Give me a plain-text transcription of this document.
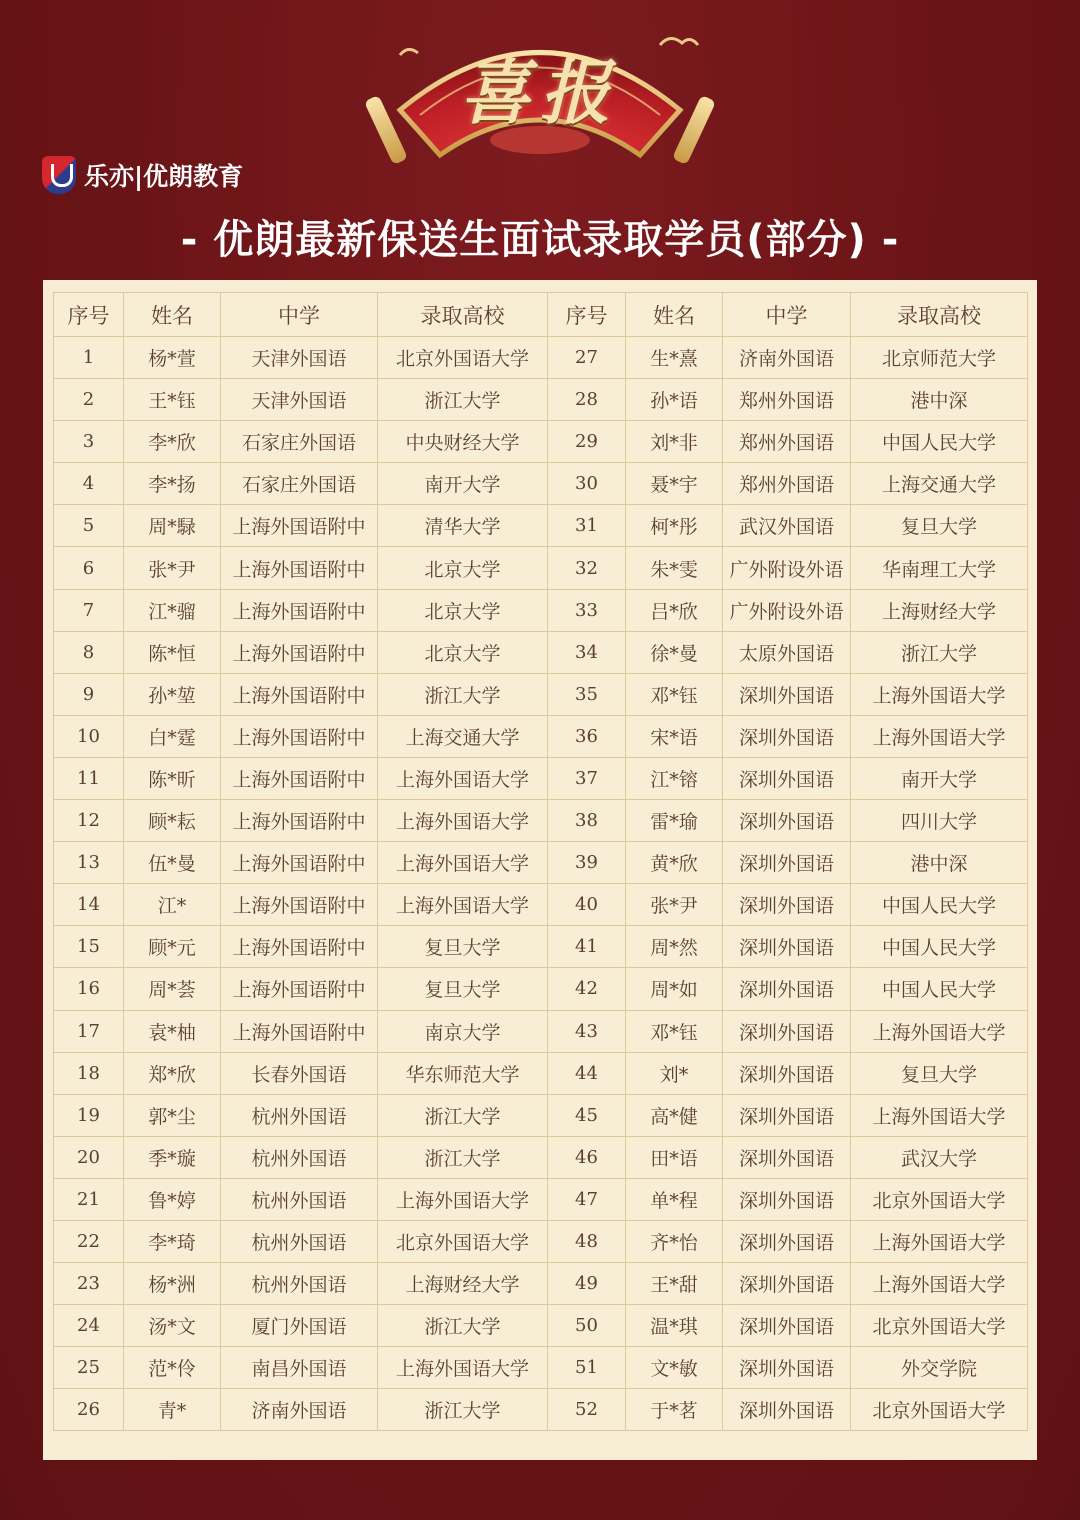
喜报
乐亦|优朗教育
- 优朗最新保送生面试录取学员(部分) -
序号	姓名	中学	录取高校	序号	姓名	中学	录取高校
1	杨*萱	天津外国语	北京外国语大学	27	生*熹	济南外国语	北京师范大学
2	王*钰	天津外国语	浙江大学	28	孙*语	郑州外国语	港中深
3	李*欣	石家庄外国语	中央财经大学	29	刘*非	郑州外国语	中国人民大学
4	李*扬	石家庄外国语	南开大学	30	聂*宇	郑州外国语	上海交通大学
5	周*騄	上海外国语附中	清华大学	31	柯*彤	武汉外国语	复旦大学
6	张*尹	上海外国语附中	北京大学	32	朱*雯	广外附设外语	华南理工大学
7	江*骝	上海外国语附中	北京大学	33	吕*欣	广外附设外语	上海财经大学
8	陈*恒	上海外国语附中	北京大学	34	徐*曼	太原外国语	浙江大学
9	孙*堃	上海外国语附中	浙江大学	35	邓*钰	深圳外国语	上海外国语大学
10	白*霆	上海外国语附中	上海交通大学	36	宋*语	深圳外国语	上海外国语大学
11	陈*昕	上海外国语附中	上海外国语大学	37	江*镕	深圳外国语	南开大学
12	顾*耘	上海外国语附中	上海外国语大学	38	雷*瑜	深圳外国语	四川大学
13	伍*曼	上海外国语附中	上海外国语大学	39	黄*欣	深圳外国语	港中深
14	江*	上海外国语附中	上海外国语大学	40	张*尹	深圳外国语	中国人民大学
15	顾*元	上海外国语附中	复旦大学	41	周*然	深圳外国语	中国人民大学
16	周*荟	上海外国语附中	复旦大学	42	周*如	深圳外国语	中国人民大学
17	袁*柚	上海外国语附中	南京大学	43	邓*钰	深圳外国语	上海外国语大学
18	郑*欣	长春外国语	华东师范大学	44	刘*	深圳外国语	复旦大学
19	郭*尘	杭州外国语	浙江大学	45	高*健	深圳外国语	上海外国语大学
20	季*璇	杭州外国语	浙江大学	46	田*语	深圳外国语	武汉大学
21	鲁*婷	杭州外国语	上海外国语大学	47	单*程	深圳外国语	北京外国语大学
22	李*琦	杭州外国语	北京外国语大学	48	齐*怡	深圳外国语	上海外国语大学
23	杨*洲	杭州外国语	上海财经大学	49	王*甜	深圳外国语	上海外国语大学
24	汤*文	厦门外国语	浙江大学	50	温*琪	深圳外国语	北京外国语大学
25	范*伶	南昌外国语	上海外国语大学	51	文*敏	深圳外国语	外交学院
26	青*	济南外国语	浙江大学	52	于*茗	深圳外国语	北京外国语大学
